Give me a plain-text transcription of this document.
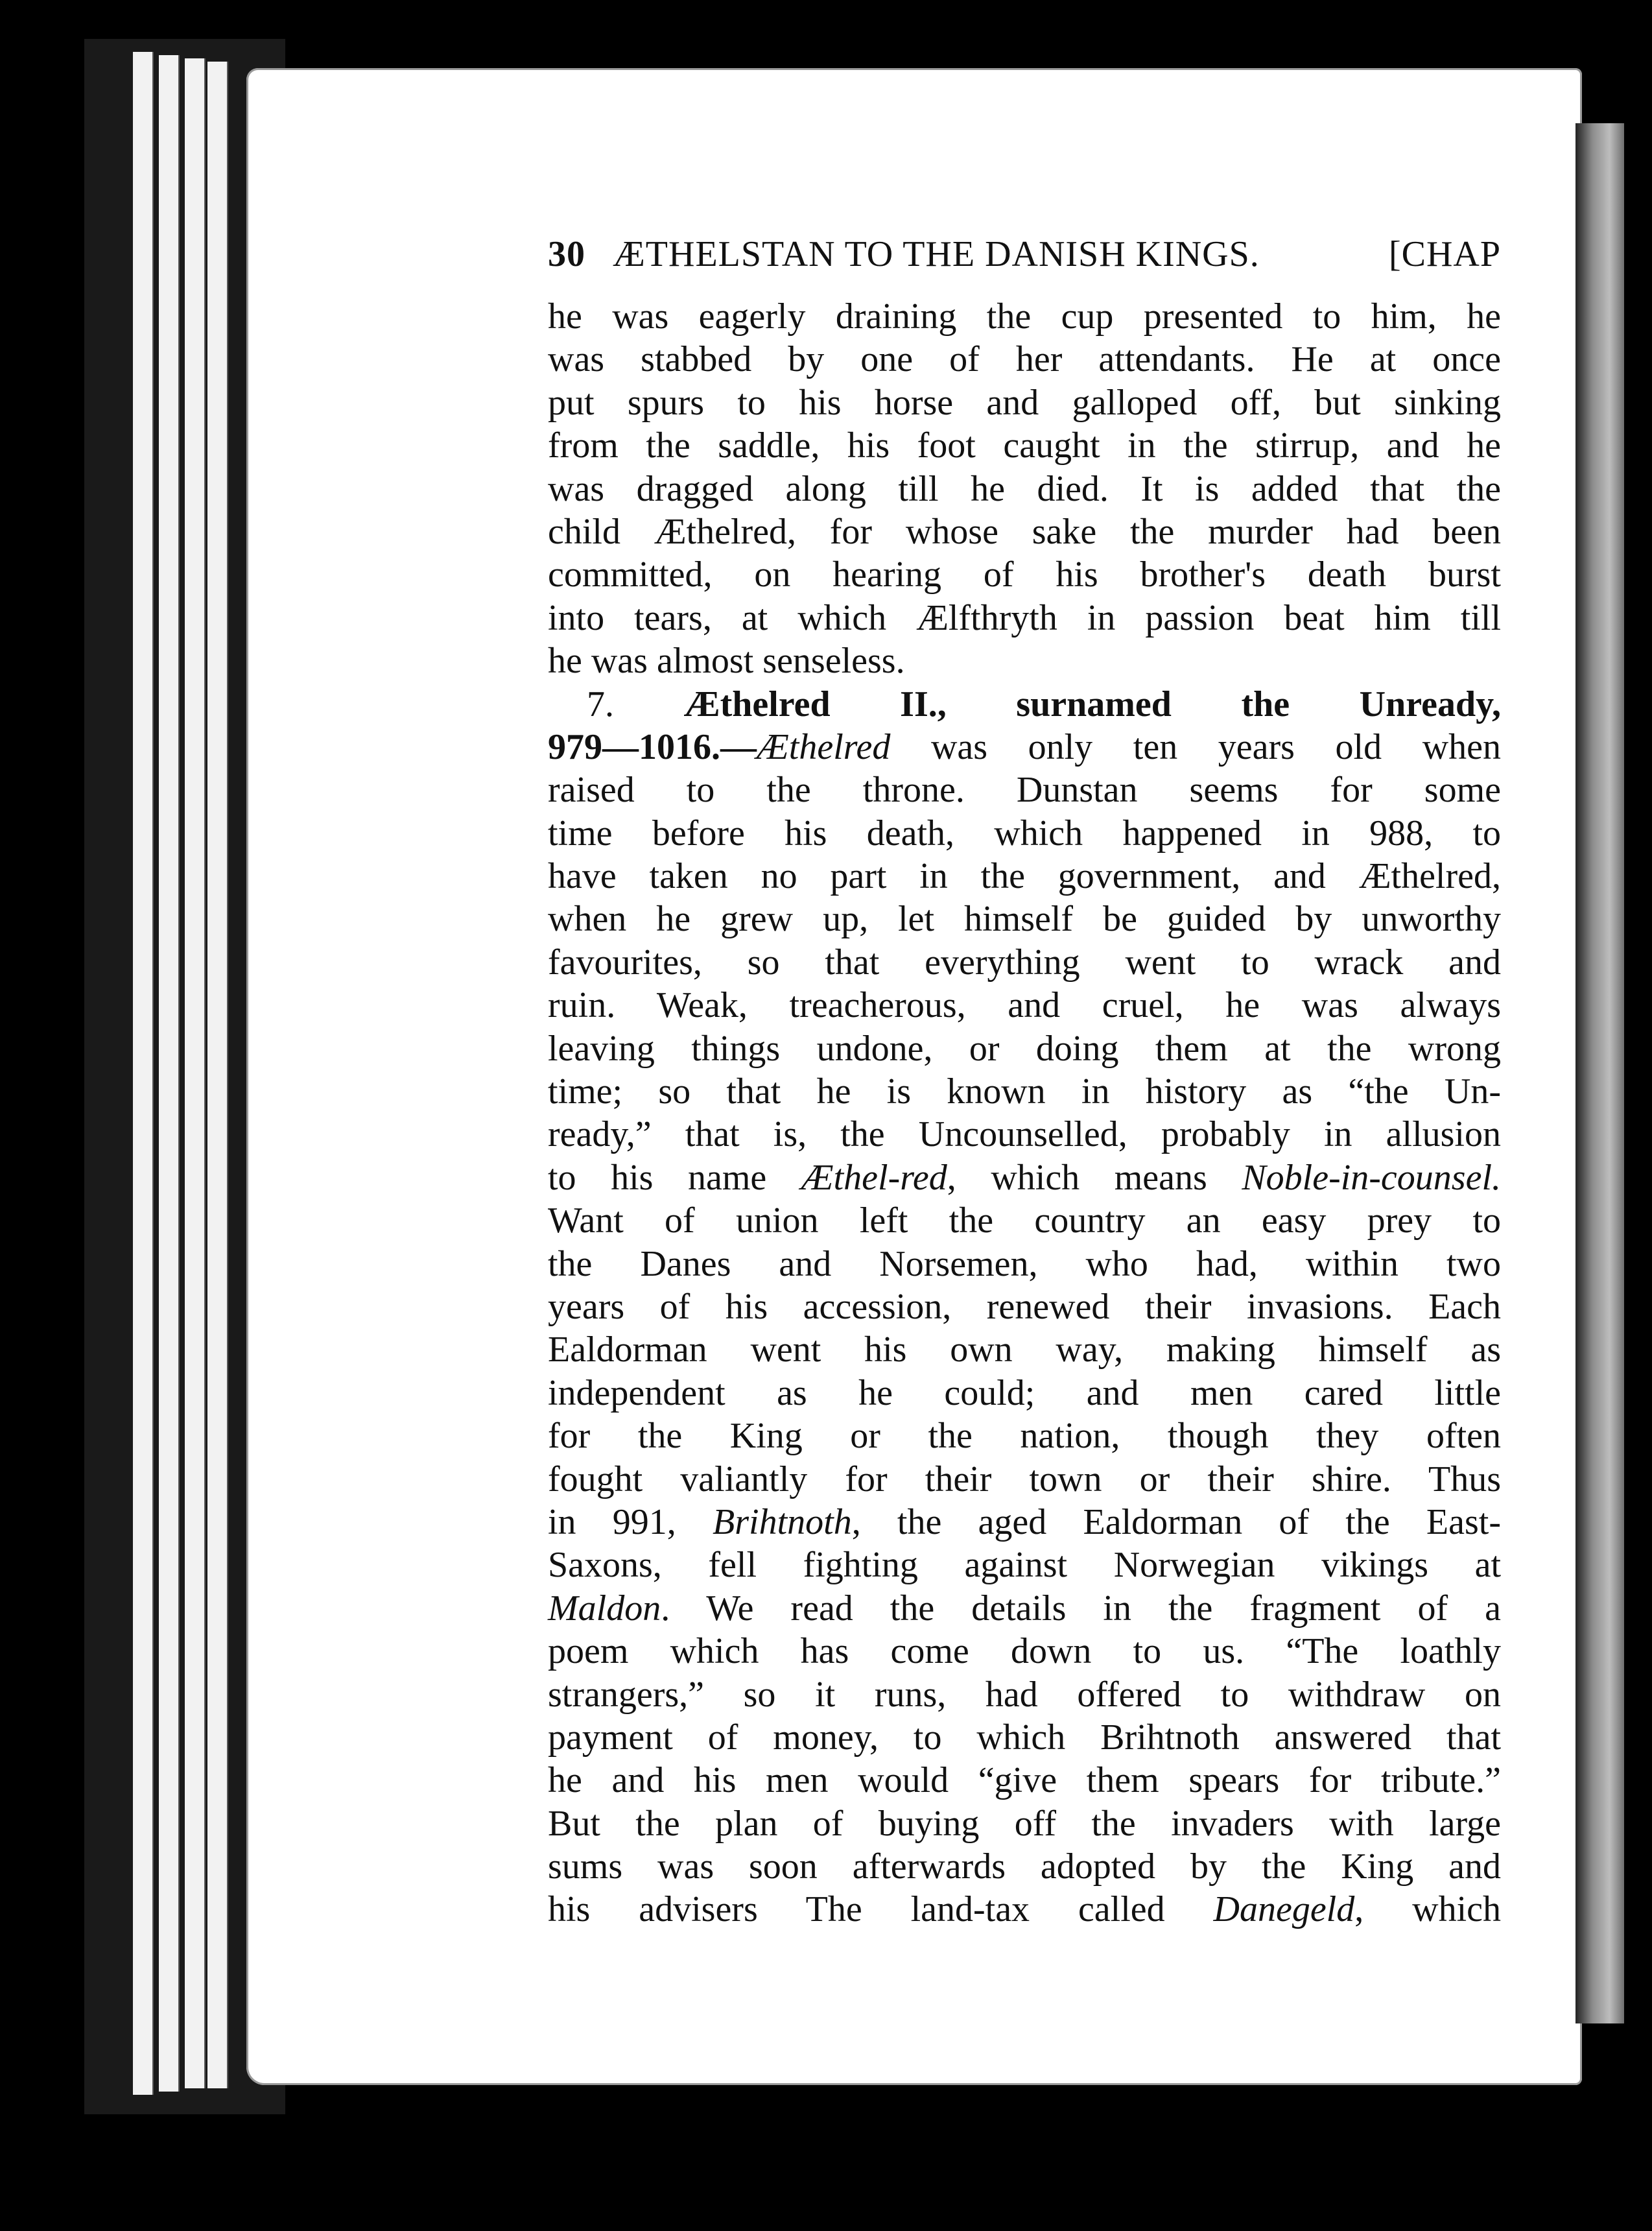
30 ÆTHELSTAN TO THE DANISH KINGS.	[CHAP
he was eagerly draining the cup presented to him, he
was stabbed by one of her attendants. He at once
put spurs to his horse and galloped off, but sinking
from the saddle, his foot caught in the stirrup, and he
was dragged along till he died. It is added that the
child Æthelred, for whose sake the murder had been
committed, on hearing of his brother's death burst
into tears, at which Ælfthryth in passion beat him till
he was almost senseless.
7. Æthelred II., surnamed the Unready,
979—1016.—Æthelred was only ten years old when
raised to the throne. Dunstan seems for some
time before his death, which happened in 988, to
have taken no part in the government, and Æthelred,
when he grew up, let himself be guided by unworthy
favourites, so that everything went to wrack and
ruin. Weak, treacherous, and cruel, he was always
leaving things undone, or doing them at the wrong
time; so that he is known in history as “the Un-
ready,” that is, the Uncounselled, probably in allusion
to his name Æthel-red, which means Noble-in-counsel.
Want of union left the country an easy prey to
the Danes and Norsemen, who had, within two
years of his accession, renewed their invasions. Each
Ealdorman went his own way, making himself as
independent as he could; and men cared little
for the King or the nation, though they often
fought valiantly for their town or their shire. Thus
in 991, Brihtnoth, the aged Ealdorman of the East-
Saxons, fell fighting against Norwegian vikings at
Maldon. We read the details in the fragment of a
poem which has come down to us. “The loathly
strangers,” so it runs, had offered to withdraw on
payment of money, to which Brihtnoth answered that
he and his men would “give them spears for tribute.”
But the plan of buying off the invaders with large
sums was soon afterwards adopted by the King and
his advisers The land-tax called Danegeld, which
